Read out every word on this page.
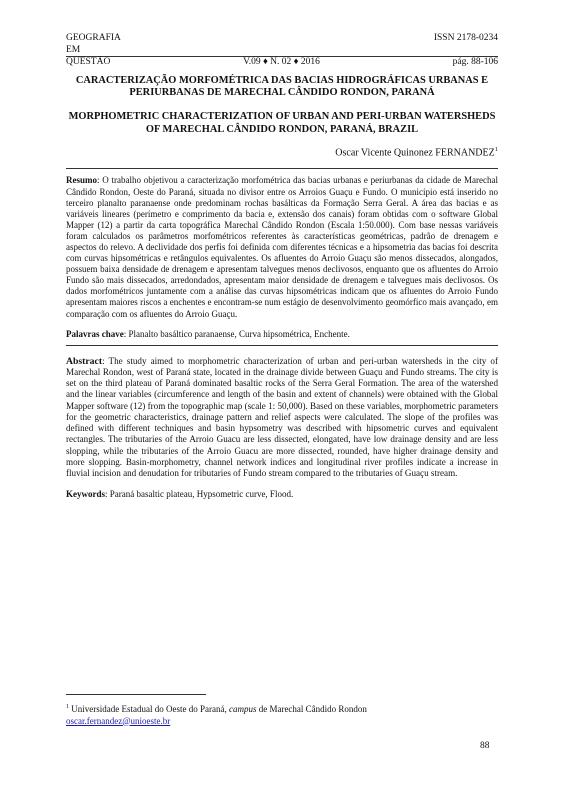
GEOGRAFIA	ISSN 2178-0234
EM
QUESTÃO	V.09 ♦ N. 02 ♦ 2016	pág. 88-106

CARACTERIZAÇÃO MORFOMÉTRICA DAS BACIAS HIDROGRÁFICAS URBANAS E PERIURBANAS DE MARECHAL CÂNDIDO RONDON, PARANÁ

MORPHOMETRIC CHARACTERIZATION OF URBAN AND PERI-URBAN WATERSHEDS OF MARECHAL CÂNDIDO RONDON, PARANÁ, BRAZIL

Oscar Vicente Quinonez FERNANDEZ$^1$

Resumo: O trabalho objetivou a caracterização morfométrica das bacias urbanas e periurbanas da cidade de Marechal Cândido Rondon, Oeste do Paraná, situada no divisor entre os Arroios Guaçu e Fundo. O município está inserido no terceiro planalto paranaense onde predominam rochas basálticas da Formação Serra Geral. A área das bacias e as variáveis lineares (perímetro e comprimento da bacia e, extensão dos canais) foram obtidas com o software Global Mapper (12) a partir da carta topográfica Marechal Cândido Rondon (Escala 1:50.000). Com base nessas variáveis foram calculados os parâmetros morfométricos referentes às características geométricas, padrão de drenagem e aspectos do relevo. A declividade dos perfis foi definida com diferentes técnicas e a hipsometria das bacias foi descrita com curvas hipsométricas e retângulos equivalentes. Os afluentes do Arroio Guaçu são menos dissecados, alongados, possuem baixa densidade de drenagem e apresentam talvegues menos declivosos, enquanto que os afluentes do Arroio Fundo são mais dissecados, arredondados, apresentam maior densidade de drenagem e talvegues mais declivosos. Os dados morfométricos juntamente com a análise das curvas hipsométricas indicam que os afluentes do Arroio Fundo apresentam maiores riscos a enchentes e encontram-se num estágio de desenvolvimento geomórfico mais avançado, em comparação com os afluentes do Arroio Guaçu.

Palavras chave: Planalto basáltico paranaense, Curva hipsométrica, Enchente.

Abstract: The study aimed to morphometric characterization of urban and peri-urban watersheds in the city of Marechal Rondon, west of Paraná state, located in the drainage divide between Guaçu and Fundo streams. The city is set on the third plateau of Paraná dominated basaltic rocks of the Serra Geral Formation. The area of the watershed and the linear variables (circumference and length of the basin and extent of channels) were obtained with the Global Mapper software (12) from the topographic map (scale 1: 50,000). Based on these variables, morphometric parameters for the geometric characteristics, drainage pattern and relief aspects were calculated. The slope of the profiles was defined with different techniques and basin hypsometry was described with hipsometric curves and equivalent rectangles. The tributaries of the Arroio Guacu are less dissected, elongated, have low drainage density and are less slopping, while the tributaries of the Arroio Guacu are more dissected, rounded, have higher drainage density and more slopping. Basin-morphometry, channel network indices and longitudinal river profiles indicate a increase in fluvial incision and denudation for tributaries of Fundo stream compared to the tributaries of Guaçu stream.

Keywords: Paraná basaltic plateau, Hypsometric curve, Flood.

$^1$ Universidade Estadual do Oeste do Paraná, campus de Marechal Cândido Rondon
oscar.fernandez@unioeste.br
88
